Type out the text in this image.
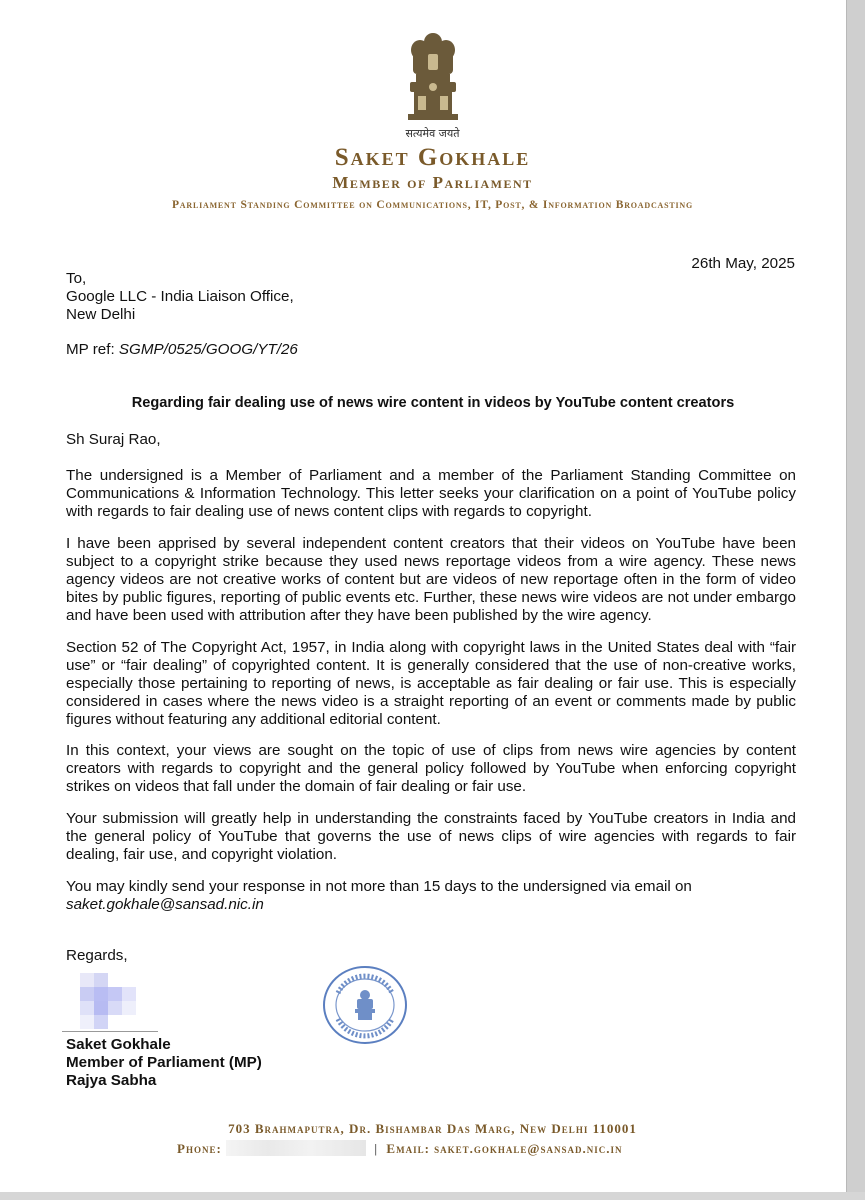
सत्यमेव जयते
Saket Gokhale
Member of Parliament
Parliament Standing Committee on Communications, IT, Post, & Information Broadcasting
26th May, 2025
To,
Google LLC - India Liaison Office,
New Delhi
MP ref: SGMP/0525/GOOG/YT/26
Regarding fair dealing use of news wire content in videos by YouTube content creators
Sh Suraj Rao,
The undersigned is a Member of Parliament and a member of the Parliament Standing Committee on Communications & Information Technology. This letter seeks your clarification on a point of YouTube policy with regards to fair dealing use of news content clips with regards to copyright.
I have been apprised by several independent content creators that their videos on YouTube have been subject to a copyright strike because they used news reportage videos from a wire agency. These news agency videos are not creative works of content but are videos of new reportage often in the form of video bites by public figures, reporting of public events etc. Further, these news wire videos are not under embargo and have been used with attribution after they have been published by the wire agency.
Section 52 of The Copyright Act, 1957, in India along with copyright laws in the United States deal with “fair use” or “fair dealing” of copyrighted content. It is generally considered that the use of non-creative works, especially those pertaining to reporting of news, is acceptable as fair dealing or fair use. This is especially considered in cases where the news video is a straight reporting of an event or comments made by public figures without featuring any additional editorial content.
In this context, your views are sought on the topic of use of clips from news wire agencies by content creators with regards to copyright and the general policy followed by YouTube when enforcing copyright strikes on videos that fall under the domain of fair dealing or fair use.
Your submission will greatly help in understanding the constraints faced by YouTube creators in India and the general policy of YouTube that governs the use of news clips of wire agencies with regards to fair dealing, fair use, and copyright violation.
You may kindly send your response in not more than 15 days to the undersigned via email on
saket.gokhale@sansad.nic.in
Regards,
Saket Gokhale
Member of Parliament (MP)
Rajya Sabha
703 Brahmaputra, Dr. Bishambar Das Marg, New Delhi 110001
Phone:	| Email: saket.gokhale@sansad.nic.in
